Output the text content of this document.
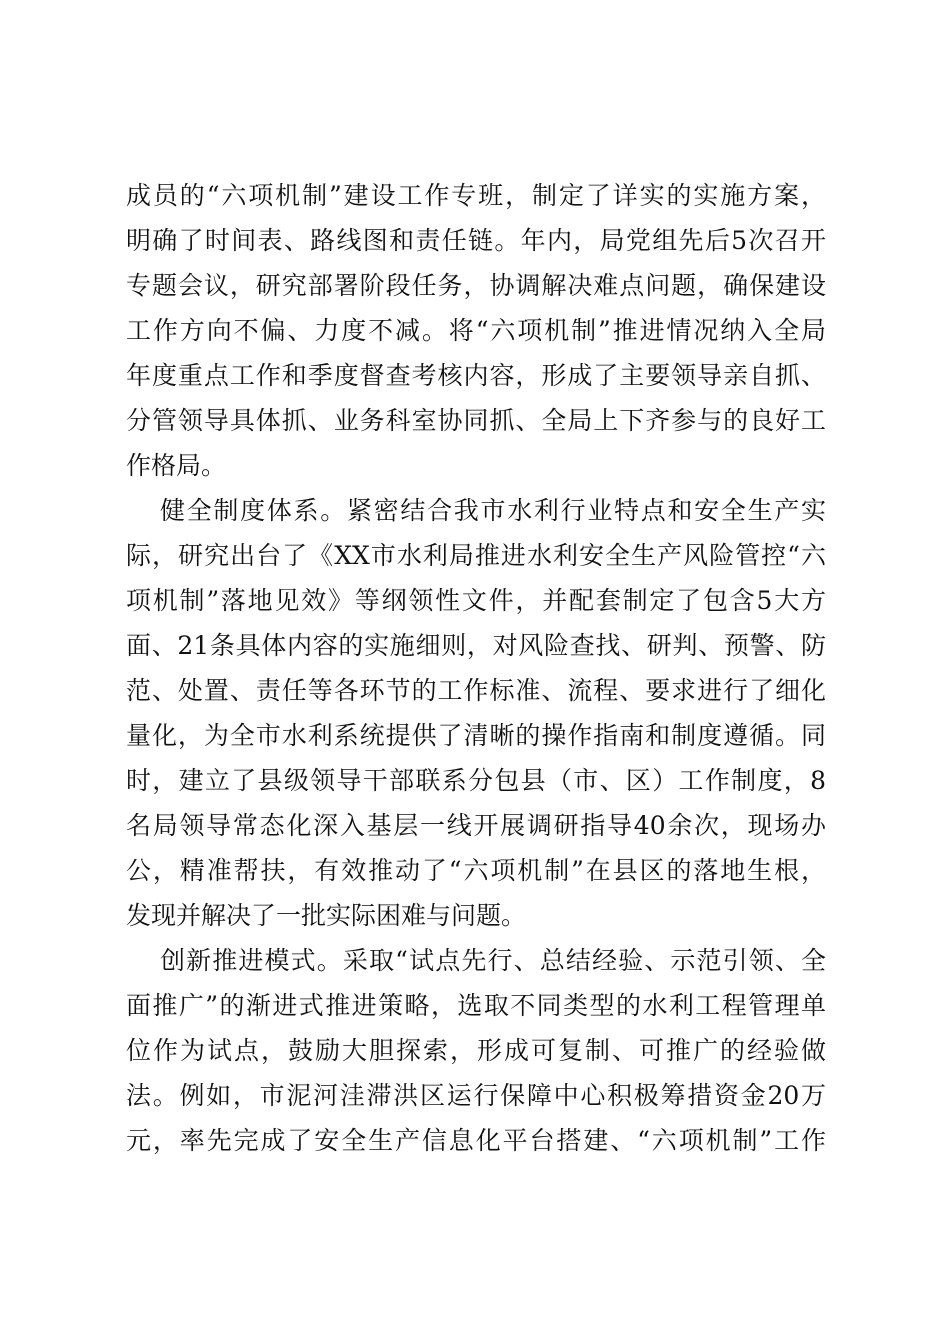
成员的“六项机制”建设工作专班，制定了详实的实施方案，
明确了时间表、路线图和责任链。年内，局党组先后5次召开
专题会议，研究部署阶段任务，协调解决难点问题，确保建设
工作方向不偏、力度不减。将“六项机制”推进情况纳入全局
年度重点工作和季度督查考核内容，形成了主要领导亲自抓、
分管领导具体抓、业务科室协同抓、全局上下齐参与的良好工
作格局。
健全制度体系。紧密结合我市水利行业特点和安全生产实
际，研究出台了《XX市水利局推进水利安全生产风险管控“六
项机制”落地见效》等纲领性文件，并配套制定了包含5大方
面、21条具体内容的实施细则，对风险查找、研判、预警、防
范、处置、责任等各环节的工作标准、流程、要求进行了细化
量化，为全市水利系统提供了清晰的操作指南和制度遵循。同
时，建立了县级领导干部联系分包县（市、区）工作制度，8
名局领导常态化深入基层一线开展调研指导40余次，现场办
公，精准帮扶，有效推动了“六项机制”在县区的落地生根，
发现并解决了一批实际困难与问题。
创新推进模式。采取“试点先行、总结经验、示范引领、全
面推广”的渐进式推进策略，选取不同类型的水利工程管理单
位作为试点，鼓励大胆探索，形成可复制、可推广的经验做
法。例如，市泥河洼滞洪区运行保障中心积极筹措资金20万
元，率先完成了安全生产信息化平台搭建、“六项机制”工作
